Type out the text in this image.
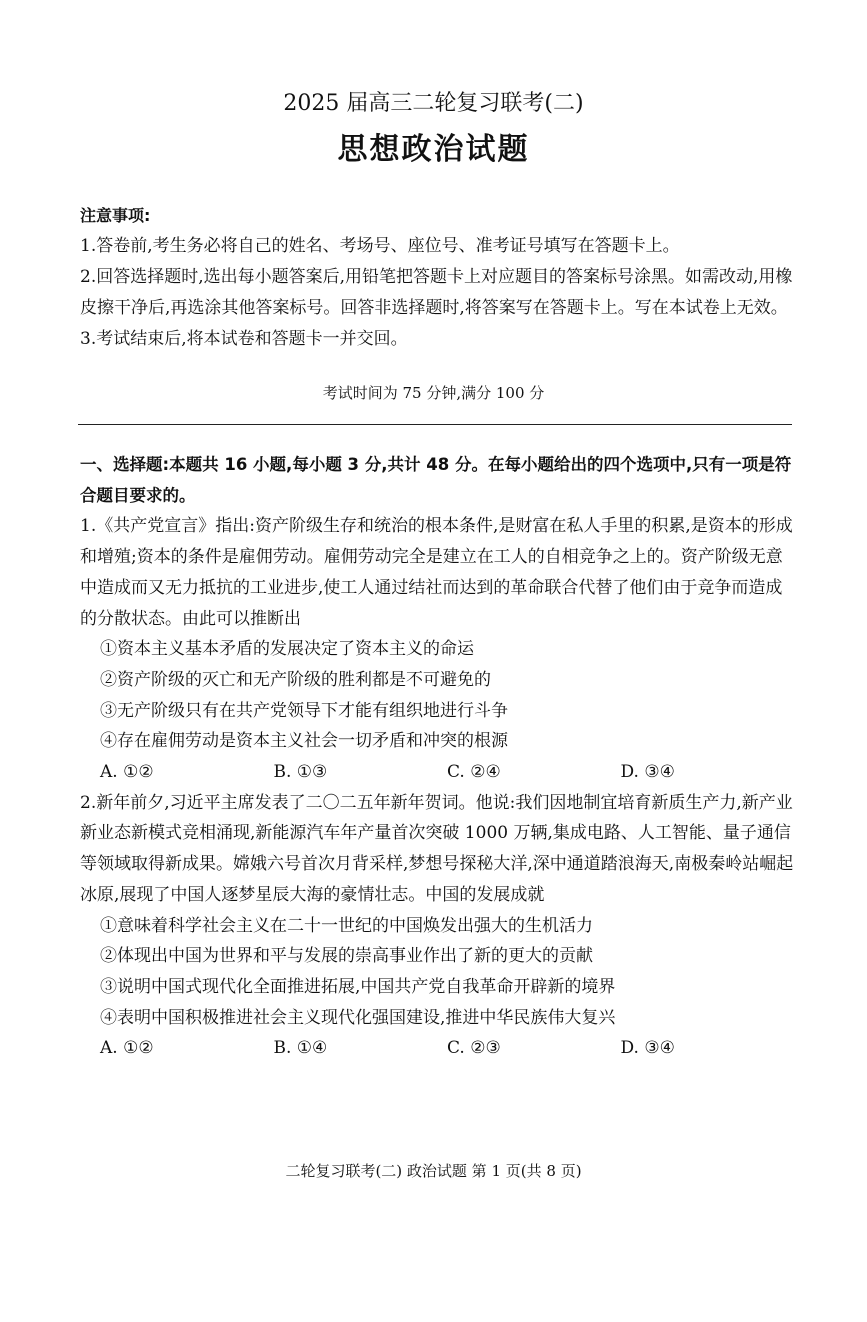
2025 届高三二轮复习联考(二)
思想政治试题
注意事项:
1.答卷前,考生务必将自己的姓名、考场号、座位号、准考证号填写在答题卡上。
2.回答选择题时,选出每小题答案后,用铅笔把答题卡上对应题目的答案标号涂黑。如需改动,用橡皮擦干净后,再选涂其他答案标号。回答非选择题时,将答案写在答题卡上。写在本试卷上无效。
3.考试结束后,将本试卷和答题卡一并交回。
考试时间为 75 分钟,满分 100 分
一、选择题:本题共 16 小题,每小题 3 分,共计 48 分。在每小题给出的四个选项中,只有一项是符合题目要求的。
1.《共产党宣言》指出:资产阶级生存和统治的根本条件,是财富在私人手里的积累,是资本的形成和增殖;资本的条件是雇佣劳动。雇佣劳动完全是建立在工人的自相竞争之上的。资产阶级无意中造成而又无力抵抗的工业进步,使工人通过结社而达到的革命联合代替了他们由于竞争而造成的分散状态。由此可以推断出
①资本主义基本矛盾的发展决定了资本主义的命运
②资产阶级的灭亡和无产阶级的胜利都是不可避免的
③无产阶级只有在共产党领导下才能有组织地进行斗争
④存在雇佣劳动是资本主义社会一切矛盾和冲突的根源
A. ①②	B. ①③	C. ②④	D. ③④
2.新年前夕,习近平主席发表了二〇二五年新年贺词。他说:我们因地制宜培育新质生产力,新产业新业态新模式竞相涌现,新能源汽车年产量首次突破 1000 万辆,集成电路、人工智能、量子通信等领域取得新成果。嫦娥六号首次月背采样,梦想号探秘大洋,深中通道踏浪海天,南极秦岭站崛起冰原,展现了中国人逐梦星辰大海的豪情壮志。中国的发展成就
①意味着科学社会主义在二十一世纪的中国焕发出强大的生机活力
②体现出中国为世界和平与发展的崇高事业作出了新的更大的贡献
③说明中国式现代化全面推进拓展,中国共产党自我革命开辟新的境界
④表明中国积极推进社会主义现代化强国建设,推进中华民族伟大复兴
A. ①②	B. ①④	C. ②③	D. ③④
二轮复习联考(二) 政治试题 第 1 页(共 8 页)
